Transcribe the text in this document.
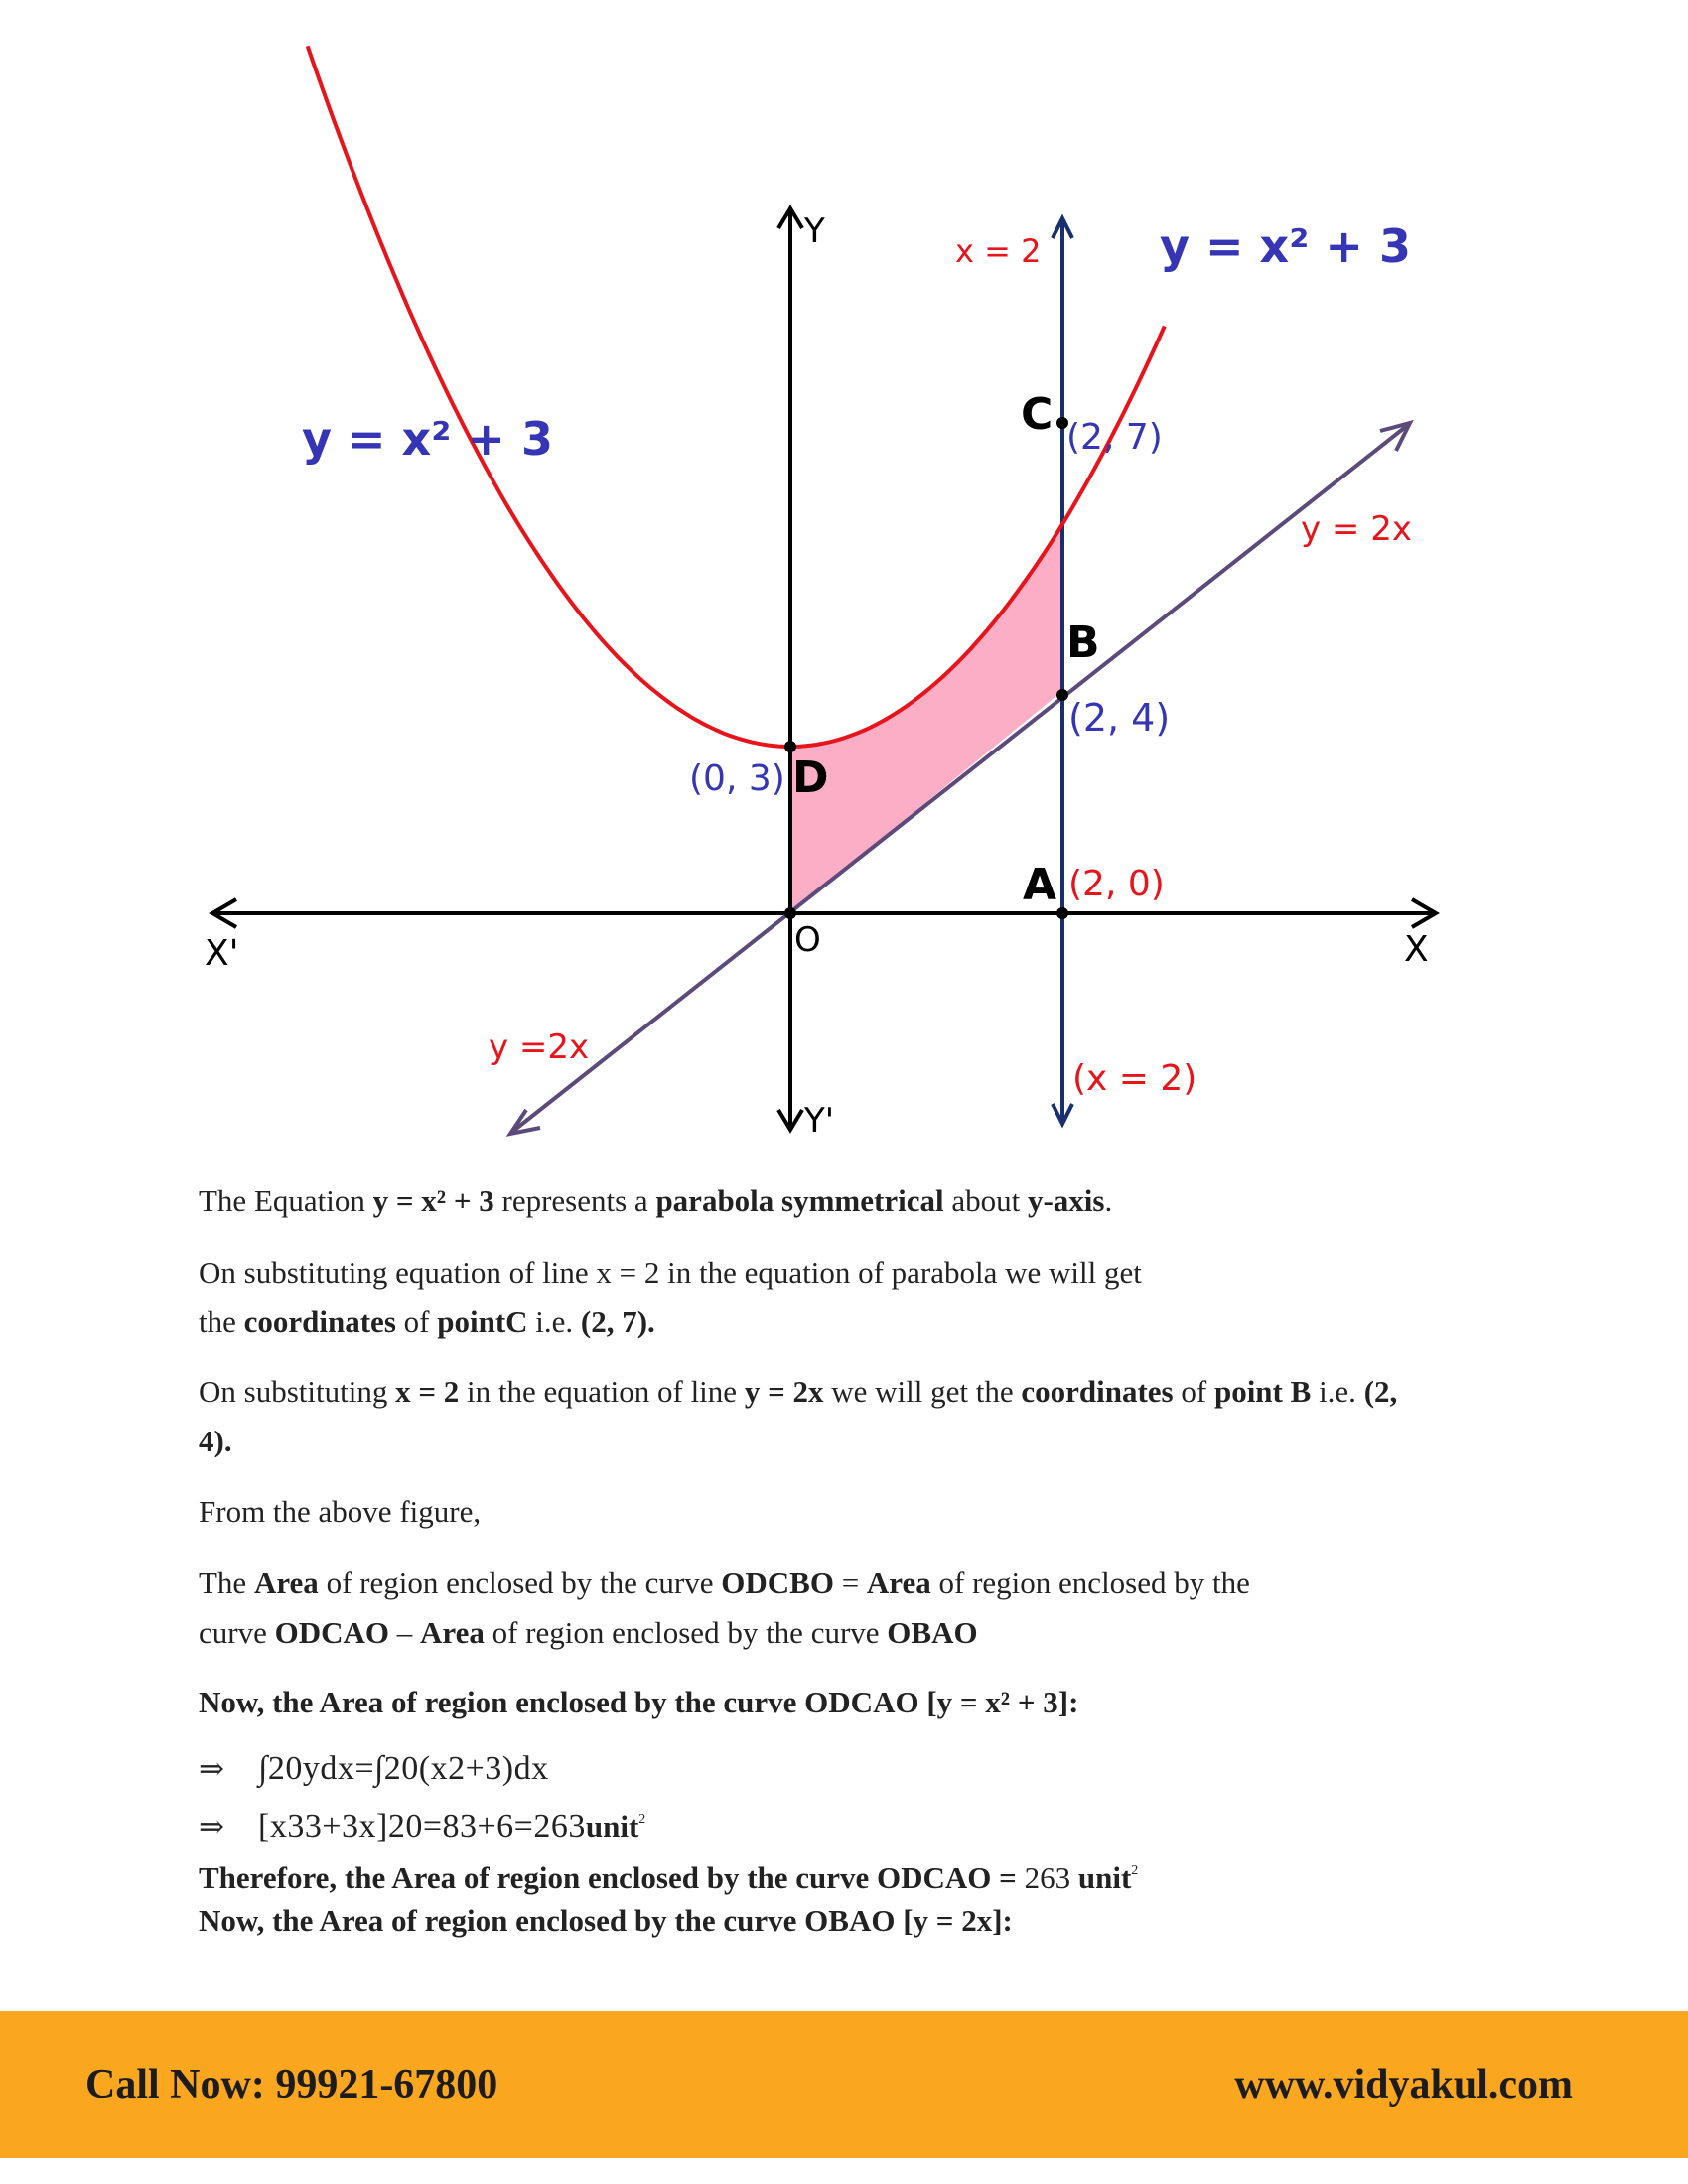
Y
Y'
X
X'	O
x = 2
(x = 2)
y = x² + 3
y = x² + 3
y = 2x
y =2x
C (2, 7)
B
(2, 4)
D
(0, 3)
A (2, 0)

The Equation y = x² + 3 represents a parabola symmetrical about y-axis.

On substituting equation of line x = 2 in the equation of parabola we will get
the coordinates of pointC i.e. (2, 7).

On substituting x = 2 in the equation of line y = 2x we will get the coordinates of point B i.e. (2,
4).

From the above figure,

The Area of region enclosed by the curve ODCBO = Area of region enclosed by the
curve ODCAO – Area of region enclosed by the curve OBAO

Now, the Area of region enclosed by the curve ODCAO [y = x² + 3]:

⇒ ∫20ydx=∫20(x2+3)dx

⇒ [x33+3x]20=83+6=263unit$^2$

Therefore, the Area of region enclosed by the curve ODCAO = 263 unit$^2$

Now, the Area of region enclosed by the curve OBAO [y = 2x]:

Call Now: 99921-67800	www.vidyakul.com
